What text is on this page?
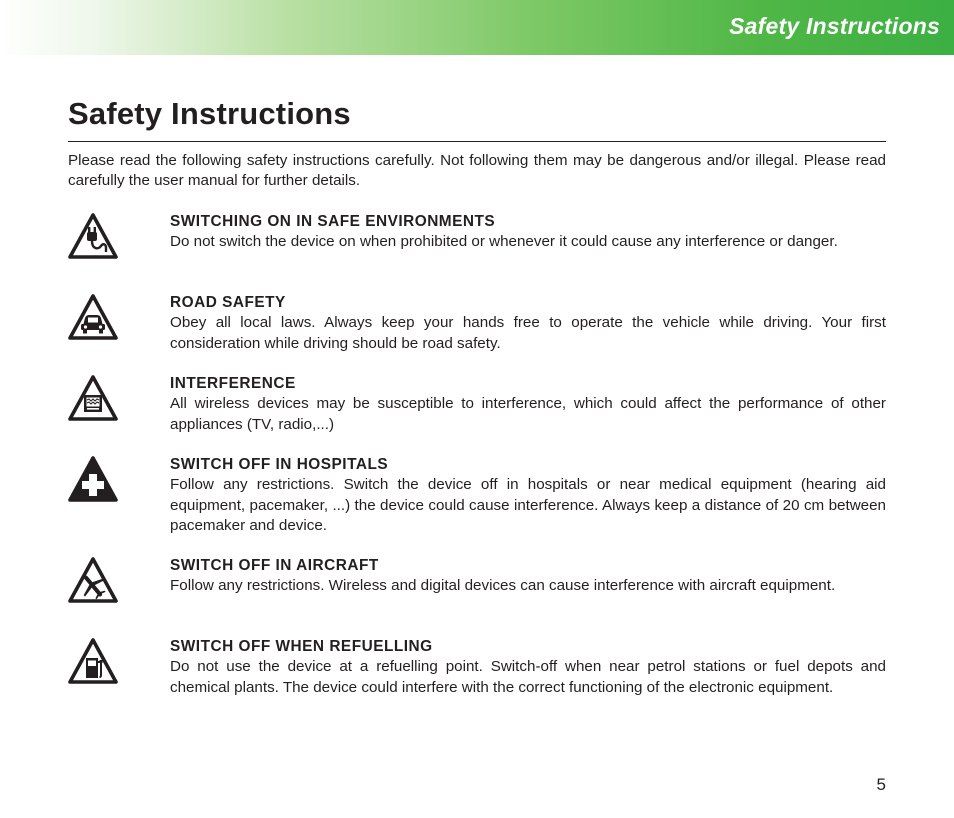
Safety Instructions
Safety Instructions

Please read the following safety instructions carefully. Not following them may be dangerous and/or illegal. Please read carefully the user manual for further details.

SWITCHING ON IN SAFE ENVIRONMENTS

Do not switch the device on when prohibited or whenever it could cause any interference or danger.

ROAD SAFETY

Obey all local laws. Always keep your hands free to operate the vehicle while driving. Your first consideration while driving should be road safety.

INTERFERENCE

All wireless devices may be susceptible to interference, which could affect the performance of other appliances (TV, radio,...)

SWITCH OFF IN HOSPITALS

Follow any restrictions. Switch the device off in hospitals or near medical equipment (hearing aid equipment, pacemaker, ...) the device could cause interference. Always keep a distance of 20 cm between pacemaker and device.

SWITCH OFF IN AIRCRAFT

Follow any restrictions. Wireless and digital devices can cause interference with aircraft equipment.

SWITCH OFF WHEN REFUELLING

Do not use the device at a refuelling point. Switch-off when near petrol stations or fuel depots and chemical plants. The device could interfere with the correct functioning of the electronic equipment.

5
